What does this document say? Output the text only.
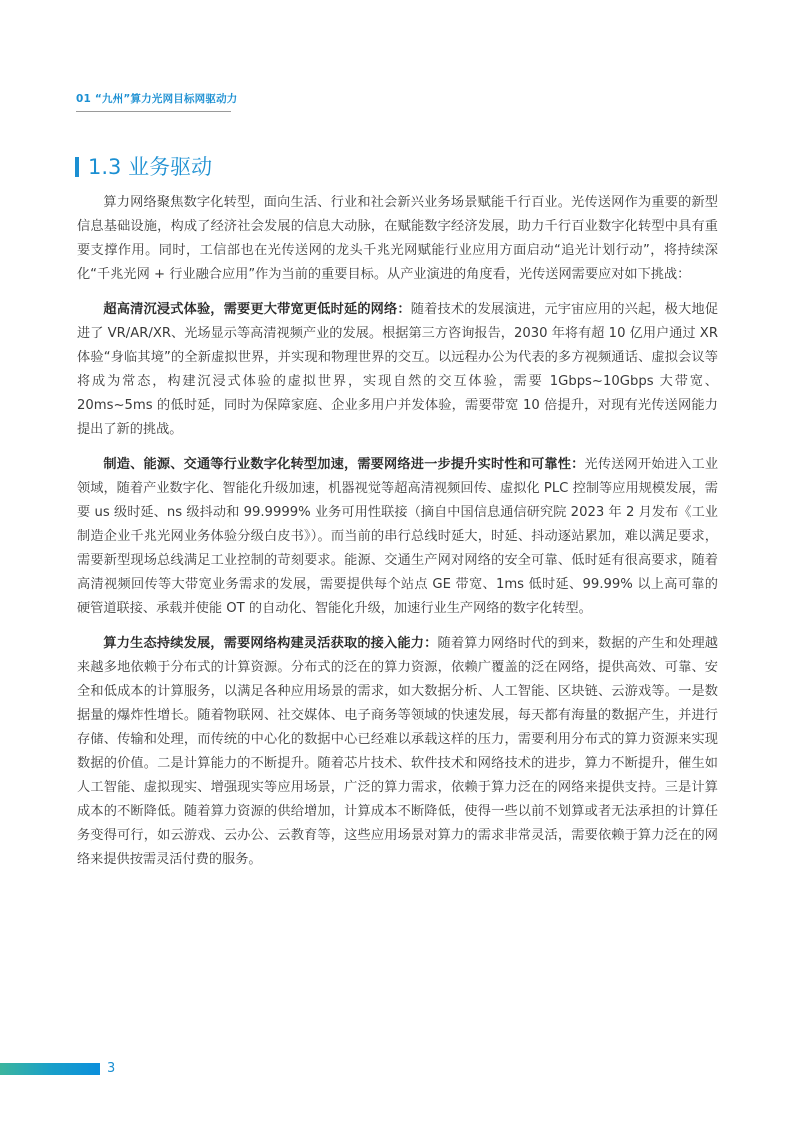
01 “九州”算力光网目标网驱动力
1.3 业务驱动

算力网络聚焦数字化转型，面向生活、行业和社会新兴业务场景赋能千行百业。光传送网作为重要的新型信息基础设施，构成了经济社会发展的信息大动脉，在赋能数字经济发展，助力千行百业数字化转型中具有重要支撑作用。同时，工信部也在光传送网的龙头千兆光网赋能行业应用方面启动“追光计划行动”，将持续深化“千兆光网 + 行业融合应用”作为当前的重要目标。从产业演进的角度看，光传送网需要应对如下挑战：

超高清沉浸式体验，需要更大带宽更低时延的网络：随着技术的发展演进，元宇宙应用的兴起，极大地促进了 VR/AR/XR、光场显示等高清视频产业的发展。根据第三方咨询报告，2030 年将有超 10 亿用户通过 XR 体验“身临其境”的全新虚拟世界，并实现和物理世界的交互。以远程办公为代表的多方视频通话、虚拟会议等将成为常态，构建沉浸式体验的虚拟世界，实现自然的交互体验，需要 1Gbps~10Gbps 大带宽、20ms~5ms 的低时延，同时为保障家庭、企业多用户并发体验，需要带宽 10 倍提升，对现有光传送网能力提出了新的挑战。

制造、能源、交通等行业数字化转型加速，需要网络进一步提升实时性和可靠性：光传送网开始进入工业领域，随着产业数字化、智能化升级加速，机器视觉等超高清视频回传、虚拟化 PLC 控制等应用规模发展，需要 us 级时延、ns 级抖动和 99.9999% 业务可用性联接（摘自中国信息通信研究院 2023 年 2 月发布《工业制造企业千兆光网业务体验分级白皮书》）。而当前的串行总线时延大，时延、抖动逐站累加，难以满足要求，需要新型现场总线满足工业控制的苛刻要求。能源、交通生产网对网络的安全可靠、低时延有很高要求，随着高清视频回传等大带宽业务需求的发展，需要提供每个站点 GE 带宽、1ms 低时延、99.99% 以上高可靠的硬管道联接、承载并使能 OT 的自动化、智能化升级，加速行业生产网络的数字化转型。

算力生态持续发展，需要网络构建灵活获取的接入能力：随着算力网络时代的到来，数据的产生和处理越来越多地依赖于分布式的计算资源。分布式的泛在的算力资源，依赖广覆盖的泛在网络，提供高效、可靠、安全和低成本的计算服务，以满足各种应用场景的需求，如大数据分析、人工智能、区块链、云游戏等。一是数据量的爆炸性增长。随着物联网、社交媒体、电子商务等领域的快速发展，每天都有海量的数据产生，并进行存储、传输和处理，而传统的中心化的数据中心已经难以承载这样的压力，需要利用分布式的算力资源来实现数据的价值。二是计算能力的不断提升。随着芯片技术、软件技术和网络技术的进步，算力不断提升，催生如人工智能、虚拟现实、增强现实等应用场景，广泛的算力需求，依赖于算力泛在的网络来提供支持。三是计算成本的不断降低。随着算力资源的供给增加，计算成本不断降低，使得一些以前不划算或者无法承担的计算任务变得可行，如云游戏、云办公、云教育等，这些应用场景对算力的需求非常灵活，需要依赖于算力泛在的网络来提供按需灵活付费的服务。

3
